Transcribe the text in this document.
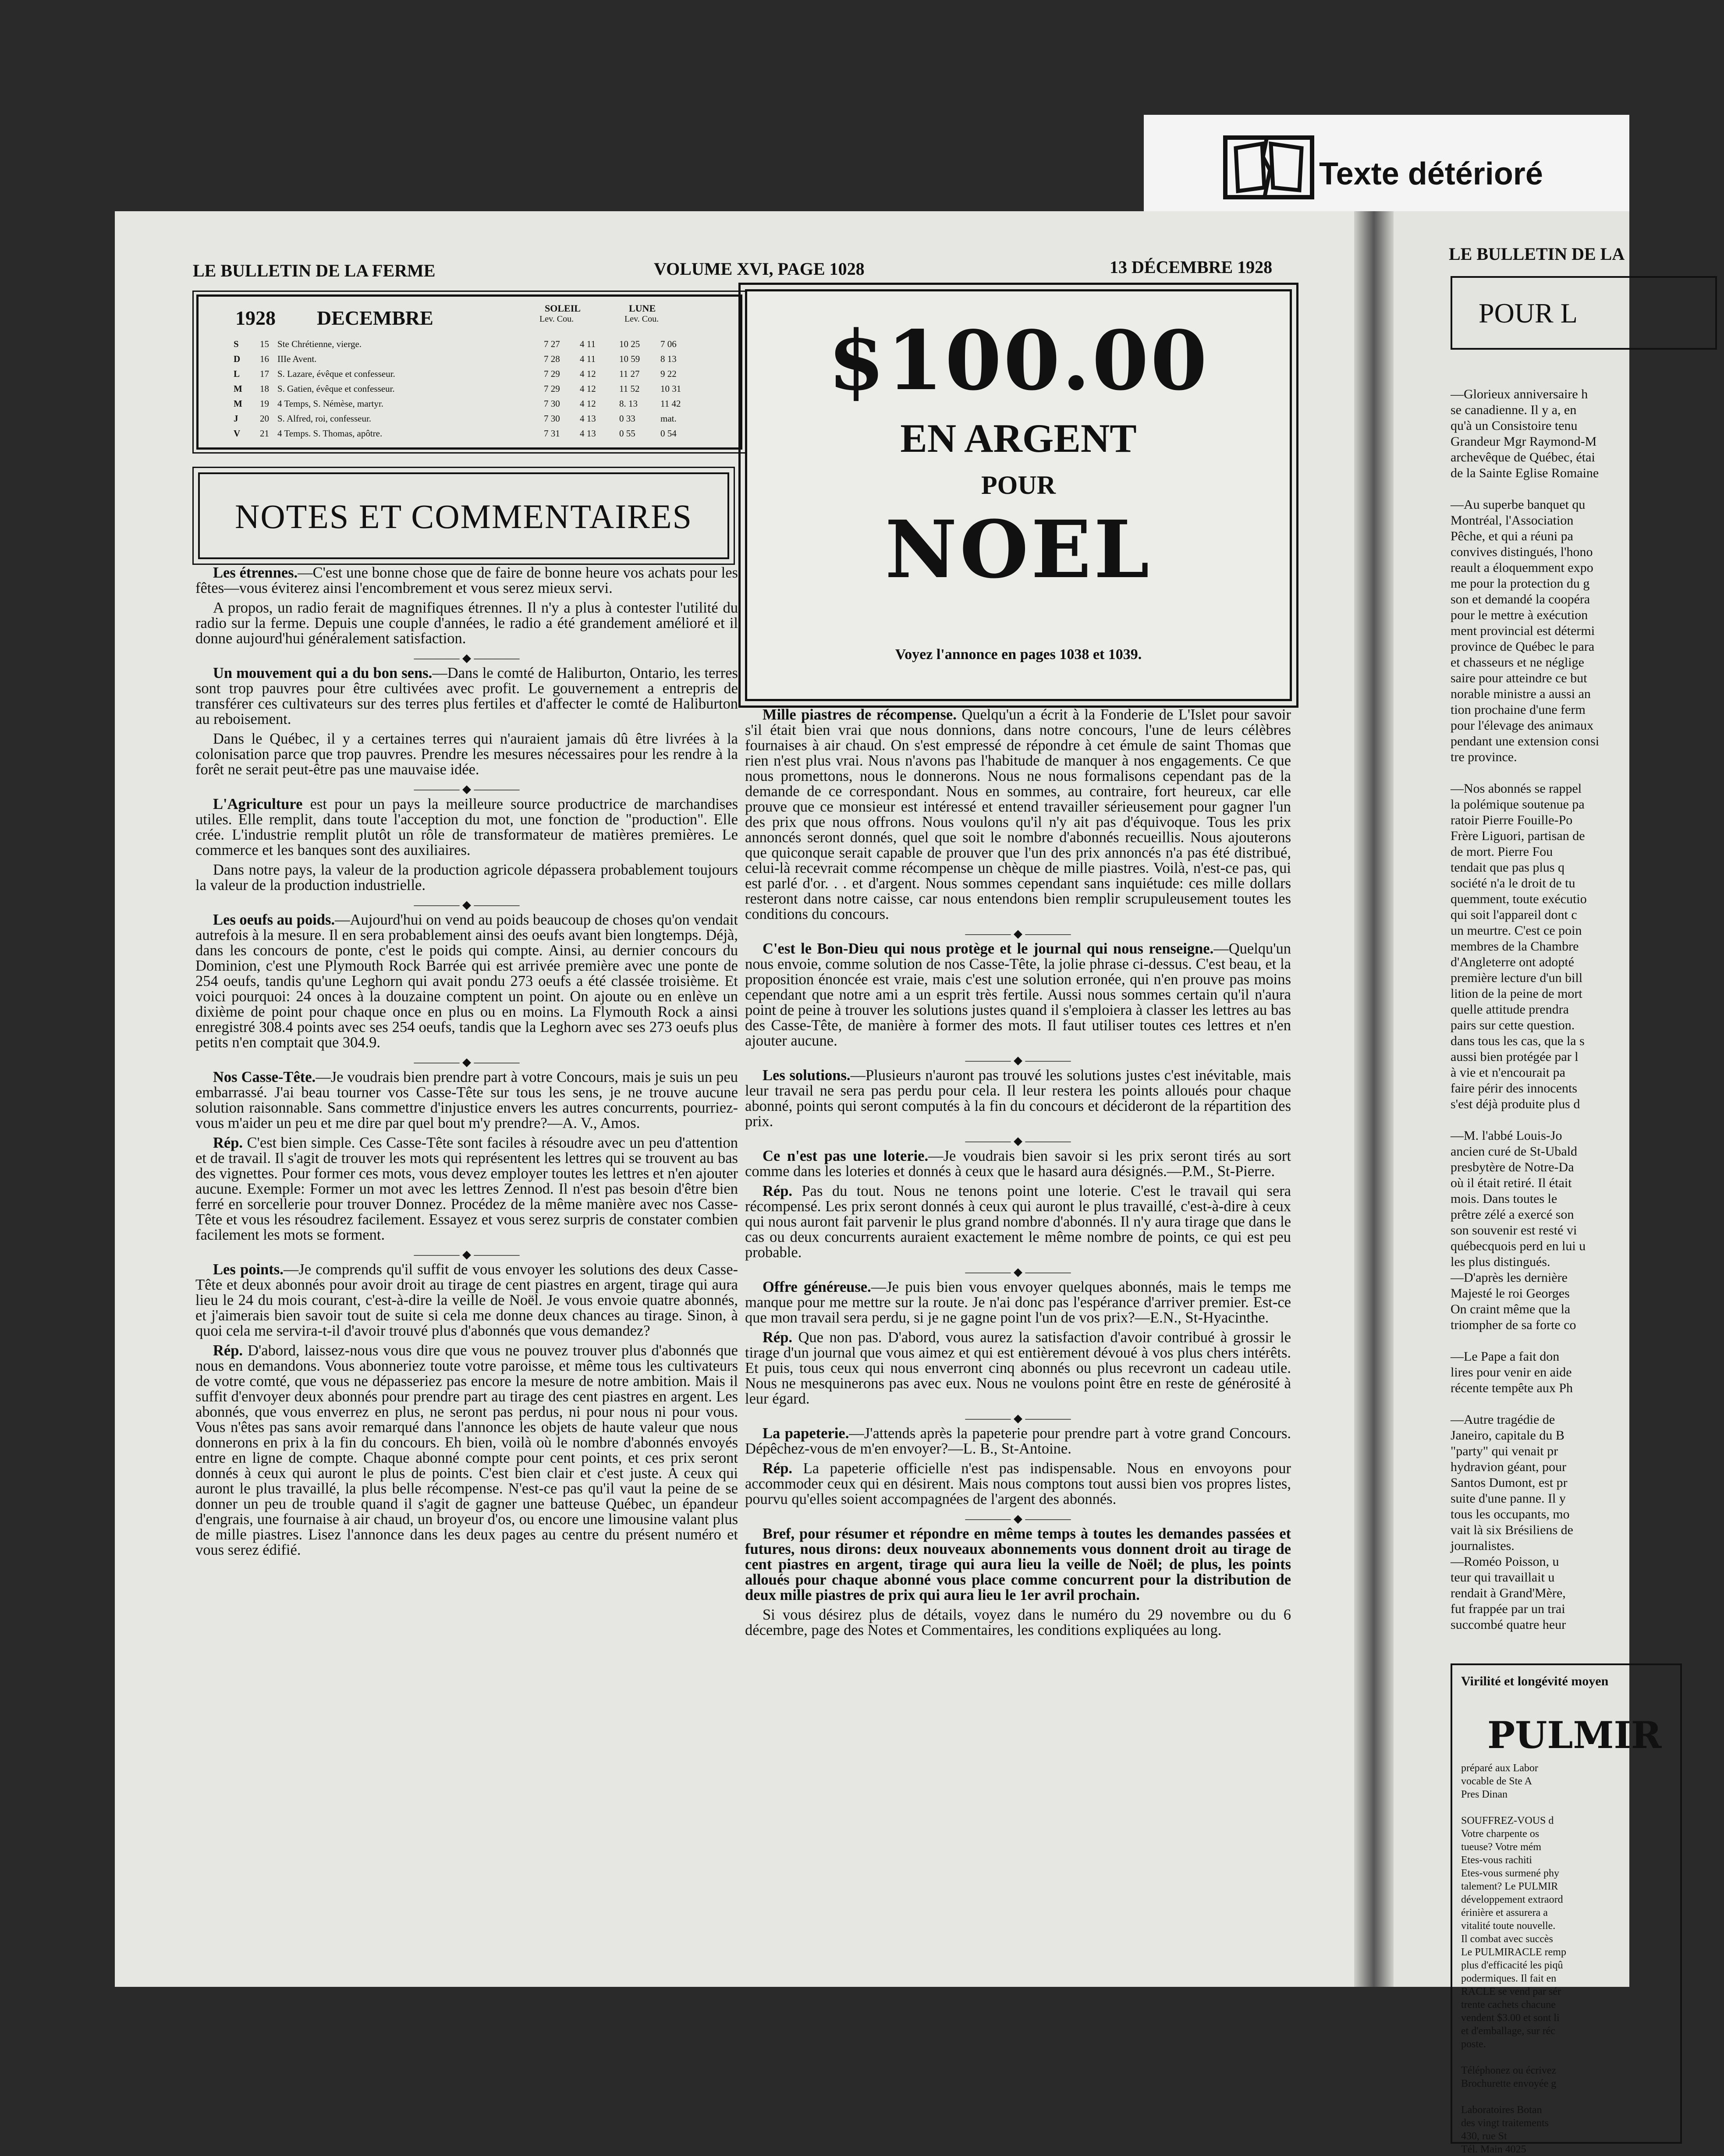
Texte détérioré
LE BULLETIN DE LA FERME	VOLUME XVI, PAGE 1028	13 DÉCEMBRE 1928
1928 DECEMBRE	SOLEIL	LUNE
Lev. Cou.	Lev. Cou.
S 15 Ste Chrétienne, vierge.	7 27 4 11	10 25 7 06
D 16 IIIe Avent.	7 28 4 11	10 59 8 13
L 17 S. Lazare, évêque et confesseur.	7 29 4 12	11 27 9 22
M 18 S. Gatien, évêque et confesseur.	7 29 4 12	11 52 10 31
M 19 4 Temps, S. Némèse, martyr.	7 30 4 12	8. 13 11 42
J 20 S. Alfred, roi, confesseur.	7 30 4 13	0 33	mat.
V 21 4 Temps. S. Thomas, apôtre.	7 31 4 13	0 55	0 54
NOTES ET COMMENTAIRES
$100.00
EN ARGENT
POUR
NOEL
Voyez l'annonce en pages 1038 et 1039.

Les étrennes.—C'est une bonne chose que de faire de bonne heure vos achats pour les fêtes—vous éviterez ainsi l'encombrement et vous serez mieux servi.

A propos, un radio ferait de magnifiques étrennes. Il n'y a plus à contester l'utilité du radio sur la ferme. Depuis une couple d'années, le radio a été grandement amélioré et il donne aujourd'hui généralement satisfaction.

———— ◆ ————

Un mouvement qui a du bon sens.—Dans le comté de Haliburton, Ontario, les terres sont trop pauvres pour être cultivées avec profit. Le gouvernement a entrepris de transférer ces cultivateurs sur des terres plus fertiles et d'affecter le comté de Haliburton au reboisement.

Dans le Québec, il y a certaines terres qui n'auraient jamais dû être livrées à la colonisation parce que trop pauvres. Prendre les mesures nécessaires pour les rendre à la forêt ne serait peut-être pas une mauvaise idée.

———— ◆ ————

L'Agriculture est pour un pays la meilleure source productrice de marchandises utiles. Elle remplit, dans toute l'acception du mot, une fonction de "production". Elle crée. L'industrie remplit plutôt un rôle de transformateur de matières premières. Le commerce et les banques sont des auxiliaires.

Dans notre pays, la valeur de la production agricole dépassera probablement toujours la valeur de la production industrielle.

———— ◆ ————

Les oeufs au poids.—Aujourd'hui on vend au poids beaucoup de choses qu'on vendait autrefois à la mesure. Il en sera probablement ainsi des oeufs avant bien longtemps. Déjà, dans les concours de ponte, c'est le poids qui compte. Ainsi, au dernier concours du Dominion, c'est une Plymouth Rock Barrée qui est arrivée première avec une ponte de 254 oeufs, tandis qu'une Leghorn qui avait pondu 273 oeufs a été classée troisième. Et voici pourquoi: 24 onces à la douzaine comptent un point. On ajoute ou en enlève un dixième de point pour chaque once en plus ou en moins. La Flymouth Rock a ainsi enregistré 308.4 points avec ses 254 oeufs, tandis que la Leghorn avec ses 273 oeufs plus petits n'en comptait que 304.9.

———— ◆ ————

Nos Casse-Tête.—Je voudrais bien prendre part à votre Concours, mais je suis un peu embarrassé. J'ai beau tourner vos Casse-Tête sur tous les sens, je ne trouve aucune solution raisonnable. Sans commettre d'injustice envers les autres concurrents, pourriez-vous m'aider un peu et me dire par quel bout m'y prendre?—A. V., Amos.

Rép. C'est bien simple. Ces Casse-Tête sont faciles à résoudre avec un peu d'attention et de travail. Il s'agit de trouver les mots qui représentent les lettres qui se trouvent au bas des vignettes. Pour former ces mots, vous devez employer toutes les lettres et n'en ajouter aucune. Exemple: Former un mot avec les lettres Zennod. Il n'est pas besoin d'être bien ferré en sorcellerie pour trouver Donnez. Procédez de la même manière avec nos Casse-Tête et vous les résoudrez facilement. Essayez et vous serez surpris de constater combien facilement les mots se forment.

———— ◆ ————

Les points.—Je comprends qu'il suffit de vous envoyer les solutions des deux Casse-Tête et deux abonnés pour avoir droit au tirage de cent piastres en argent, tirage qui aura lieu le 24 du mois courant, c'est-à-dire la veille de Noël. Je vous envoie quatre abonnés, et j'aimerais bien savoir tout de suite si cela me donne deux chances au tirage. Sinon, à quoi cela me servira-t-il d'avoir trouvé plus d'abonnés que vous demandez?

Rép. D'abord, laissez-nous vous dire que vous ne pouvez trouver plus d'abonnés que nous en demandons. Vous abonneriez toute votre paroisse, et même tous les cultivateurs de votre comté, que vous ne dépasseriez pas encore la mesure de notre ambition. Mais il suffit d'envoyer deux abonnés pour prendre part au tirage des cent piastres en argent. Les abonnés, que vous enverrez en plus, ne seront pas perdus, ni pour nous ni pour vous. Vous n'êtes pas sans avoir remarqué dans l'annonce les objets de haute valeur que nous donnerons en prix à la fin du concours. Eh bien, voilà où le nombre d'abonnés envoyés entre en ligne de compte. Chaque abonné compte pour cent points, et ces prix seront donnés à ceux qui auront le plus de points. C'est bien clair et c'est juste. A ceux qui auront le plus travaillé, la plus belle récompense. N'est-ce pas qu'il vaut la peine de se donner un peu de trouble quand il s'agit de gagner une batteuse Québec, un épandeur d'engrais, une fournaise à air chaud, un broyeur d'os, ou encore une limousine valant plus de mille piastres. Lisez l'annonce dans les deux pages au centre du présent numéro et vous serez édifié.

Mille piastres de récompense. Quelqu'un a écrit à la Fonderie de L'Islet pour savoir s'il était bien vrai que nous donnions, dans notre concours, l'une de leurs célèbres fournaises à air chaud. On s'est empressé de répondre à cet émule de saint Thomas que rien n'est plus vrai. Nous n'avons pas l'habitude de manquer à nos engagements. Ce que nous promettons, nous le donnerons. Nous ne nous formalisons cependant pas de la demande de ce correspondant. Nous en sommes, au contraire, fort heureux, car elle prouve que ce monsieur est intéressé et entend travailler sérieusement pour gagner l'un des prix que nous offrons. Nous voulons qu'il n'y ait pas d'équivoque. Tous les prix annoncés seront donnés, quel que soit le nombre d'abonnés recueillis. Nous ajouterons que quiconque serait capable de prouver que l'un des prix annoncés n'a pas été distribué, celui-là recevrait comme récompense un chèque de mille piastres. Voilà, n'est-ce pas, qui est parlé d'or. . . et d'argent. Nous sommes cependant sans inquiétude: ces mille dollars resteront dans notre caisse, car nous entendons bien remplir scrupuleusement toutes les conditions du concours.

———— ◆ ————

C'est le Bon-Dieu qui nous protège et le journal qui nous renseigne.—Quelqu'un nous envoie, comme solution de nos Casse-Tête, la jolie phrase ci-dessus. C'est beau, et la proposition énoncée est vraie, mais c'est une solution erronée, qui n'en prouve pas moins cependant que notre ami a un esprit très fertile. Aussi nous sommes certain qu'il n'aura point de peine à trouver les solutions justes quand il s'emploiera à classer les lettres au bas des Casse-Tête, de manière à former des mots. Il faut utiliser toutes ces lettres et n'en ajouter aucune.

———— ◆ ————

Les solutions.—Plusieurs n'auront pas trouvé les solutions justes c'est inévitable, mais leur travail ne sera pas perdu pour cela. Il leur restera les points alloués pour chaque abonné, points qui seront computés à la fin du concours et décideront de la répartition des prix.

———— ◆ ————

Ce n'est pas une loterie.—Je voudrais bien savoir si les prix seront tirés au sort comme dans les loteries et donnés à ceux que le hasard aura désignés.—P.M., St-Pierre.

Rép. Pas du tout. Nous ne tenons point une loterie. C'est le travail qui sera récompensé. Les prix seront donnés à ceux qui auront le plus travaillé, c'est-à-dire à ceux qui nous auront fait parvenir le plus grand nombre d'abonnés. Il n'y aura tirage que dans le cas ou deux concurrents auraient exactement le même nombre de points, ce qui est peu probable.

———— ◆ ————

Offre généreuse.—Je puis bien vous envoyer quelques abonnés, mais le temps me manque pour me mettre sur la route. Je n'ai donc pas l'espérance d'arriver premier. Est-ce que mon travail sera perdu, si je ne gagne point l'un de vos prix?—E.N., St-Hyacinthe.

Rép. Que non pas. D'abord, vous aurez la satisfaction d'avoir contribué à grossir le tirage d'un journal que vous aimez et qui est entièrement dévoué à vos plus chers intérêts. Et puis, tous ceux qui nous enverront cinq abonnés ou plus recevront un cadeau utile. Nous ne mesquinerons pas avec eux. Nous ne voulons point être en reste de générosité à leur égard.

———— ◆ ————

La papeterie.—J'attends après la papeterie pour prendre part à votre grand Concours. Dépêchez-vous de m'en envoyer?—L. B., St-Antoine.

Rép. La papeterie officielle n'est pas indispensable. Nous en envoyons pour accommoder ceux qui en désirent. Mais nous comptons tout aussi bien vos propres listes, pourvu qu'elles soient accompagnées de l'argent des abonnés.

———— ◆ ————

Bref, pour résumer et répondre en même temps à toutes les demandes passées et futures, nous dirons: deux nouveaux abonnements vous donnent droit au tirage de cent piastres en argent, tirage qui aura lieu la veille de Noël; de plus, les points alloués pour chaque abonné vous place comme concurrent pour la distribution de deux mille piastres de prix qui aura lieu le 1er avril prochain.

Si vous désirez plus de détails, voyez dans le numéro du 29 novembre ou du 6 décembre, page des Notes et Commentaires, les conditions expliquées au long.

LE BULLETIN DE LA
POUR L
—Glorieux anniversaire h
se canadienne. Il y a, en
qu'à un Consistoire tenu
Grandeur Mgr Raymond-M
archevêque de Québec, étai
de la Sainte Eglise Romaine

—Au superbe banquet qu
Montréal, l'Association
Pêche, et qui a réuni pa
convives distingués, l'hono
reault a éloquemment expo
me pour la protection du g
son et demandé la coopéra
pour le mettre à exécution
ment provincial est détermi
province de Québec le para
et chasseurs et ne néglige
saire pour atteindre ce but
norable ministre a aussi an
tion prochaine d'une ferm
pour l'élevage des animaux
pendant une extension consi
tre province.

—Nos abonnés se rappel
la polémique soutenue pa
ratoir Pierre Fouille-Po
Frère Liguori, partisan de
de mort. Pierre Fou
tendait que pas plus q
société n'a le droit de tu
quemment, toute exécutio
qui soit l'appareil dont c
un meurtre. C'est ce poin
membres de la Chambre
d'Angleterre ont adopté
première lecture d'un bill
lition de la peine de mort
quelle attitude prendra
pairs sur cette question.
dans tous les cas, que la s
aussi bien protégée par l
à vie et n'encourait pa
faire périr des innocents
s'est déjà produite plus d

—M. l'abbé Louis-Jo
ancien curé de St-Ubald
presbytère de Notre-Da
où il était retiré. Il était
mois. Dans toutes le
prêtre zélé a exercé son
son souvenir est resté vi
québecquois perd en lui u
les plus distingués.
—D'après les dernière
Majesté le roi Georges
On craint même que la
triompher de sa forte co

—Le Pape a fait don
lires pour venir en aide
récente tempête aux Ph

—Autre tragédie de
Janeiro, capitale du B
"party" qui venait pr
hydravion géant, pour
Santos Dumont, est pr
suite d'une panne. Il y
tous les occupants, mo
vait là six Brésiliens de
journalistes.
—Roméo Poisson, u
teur qui travaillait u
rendait à Grand'Mère,
fut frappée par un trai
succombé quatre heur
Virilité et longévité moyen
PULMIR
préparé aux Labor
vocable de Ste A
Pres Dinan

SOUFFREZ-VOUS d
Votre charpente os
tueuse? Votre mém
Etes-vous rachiti
Etes-vous surmené phy
talement? Le PULMIR
développement extraord
érinière et assurera a
vitalité toute nouvelle.
Il combat avec succès
Le PULMIRACLE remp
plus d'efficacité les piqû
podermiques. Il fait en
RACLE se vend par sér
trente cachets chacune
vendent $3.00 et sont li
et d'emballage, sur réc
poste.

Téléphonez ou écrivez
Brochurette envoyée g

Laboratoires Botan
des vingt traitements
430, rue St
Tél. Main 4025
